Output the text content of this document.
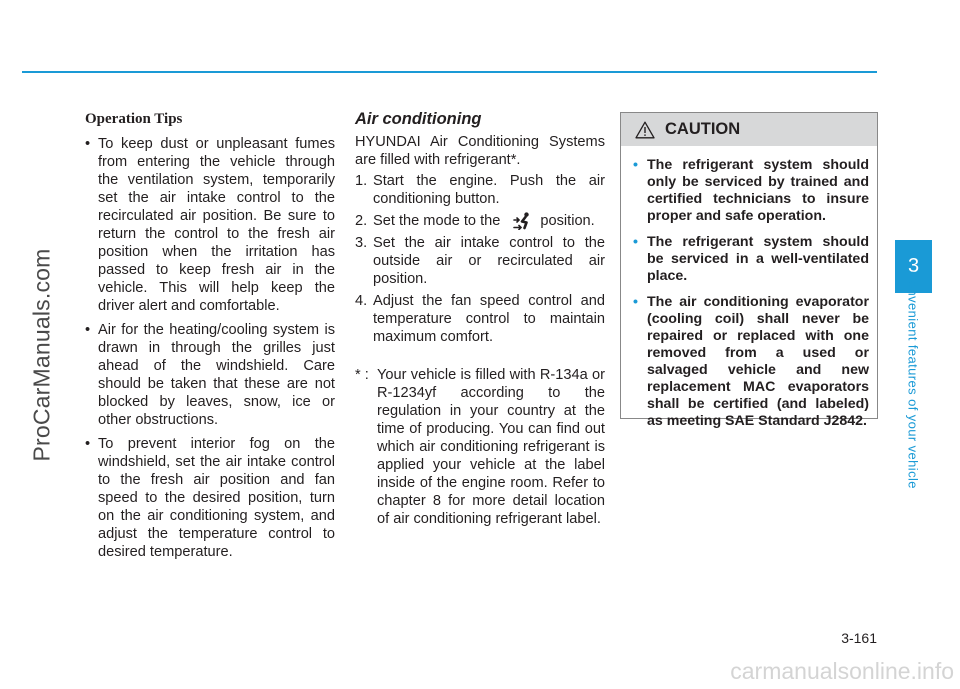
ProCarManuals.com
carmanualsonline.info
Operation Tips
• To keep dust or unpleasant fumes from entering the vehicle through the ventilation system, temporarily set the air intake control to the recirculated air position. Be sure to return the control to the fresh air position when the irritation has passed to keep fresh air in the vehicle. This will help keep the driver alert and comfortable.
• Air for the heating/cooling system is drawn in through the grilles just ahead of the windshield. Care should be taken that these are not blocked by leaves, snow, ice or other obstructions.
• To prevent interior fog on the windshield, set the air intake control to the fresh air position and fan speed to the desired position, turn on the air conditioning system, and adjust the temperature control to desired temperature.
Air conditioning

HYUNDAI Air Conditioning Systems are filled with refrigerant*.

1. Start the engine. Push the air conditioning button.
2. Set the mode to the	position.
3. Set the air intake control to the outside air or recirculated air position.
4. Adjust the fan speed control and temperature control to maintain maximum comfort.
* : Your vehicle is filled with R-134a or R-1234yf according to the regulation in your country at the time of producing. You can find out which air conditioning refrigerant is applied your vehicle at the label inside of the engine room. Refer to chapter 8 for more detail location of air conditioning refrigerant label.
CAUTION
• The refrigerant system should only be serviced by trained and certified technicians to insure proper and safe operation.
• The refrigerant system should be serviced in a well-ventilated place.
• The air conditioning evaporator (cooling coil) shall never be repaired or replaced with one removed from a used or salvaged vehicle and new replacement MAC evaporators shall be certified (and labeled) as meeting SAE Standard J2842.
3
Convenient features of your vehicle
3-161
